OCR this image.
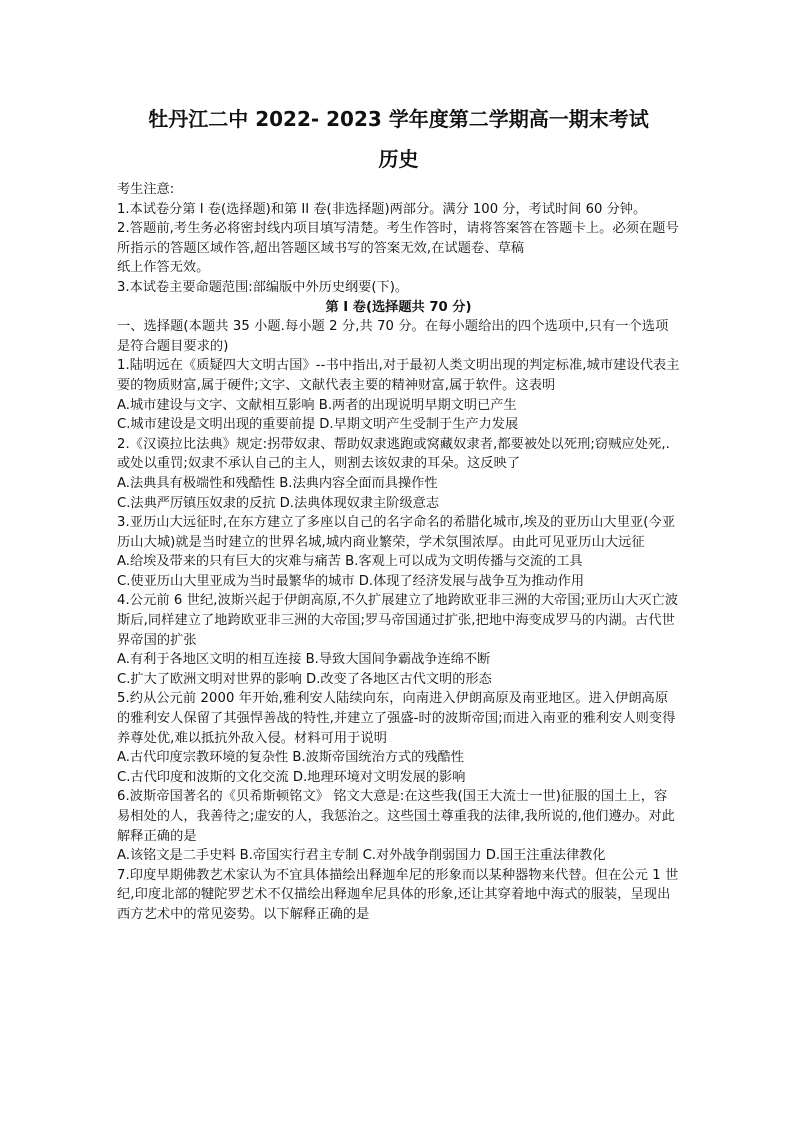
牡丹江二中 2022- 2023 学年度第二学期高一期末考试
历史

考生注意:

1.本试卷分第 I 卷(选择题)和第 II 卷(非选择题)两部分。满分 100 分，考试时间 60 分钟。

2.答题前,考生务必将密封线内项目填写清楚。考生作答时，请将答案答在答题卡上。必须在题号所指示的答题区域作答,超出答题区域书写的答案无效,在试题卷、草稿

纸上作答无效。

3.本试卷主要命题范围:部编版中外历史纲要(下)。

第 I 卷(选择题共 70 分)

一、选择题(本题共 35 小题.每小题 2 分,共 70 分。在每小题给出的四个选项中,只有一个选项是符合题目要求的)

1.陆明远在《质疑四大文明古国》--书中指出,对于最初人类文明出现的判定标准,城市建设代表主要的物质财富,属于硬件;文字、文献代表主要的精神财富,属于软件。这表明

A.城市建设与文字、文献相互影响 B.两者的出现说明早期文明已产生

C.城市建设是文明出现的重要前提 D.早期文明产生受制于生产力发展

2.《汉谟拉比法典》规定:拐带奴隶、帮助奴隶逃跑或窝藏奴隶者,都要被处以死刑;窃贼应处死,.或处以重罚;奴隶不承认自己的主人，则割去该奴隶的耳朵。这反映了

A.法典具有极端性和残酷性 B.法典内容全面而具操作性

C.法典严厉镇压奴隶的反抗 D.法典体现奴隶主阶级意志

3.亚历山大远征时,在东方建立了多座以自己的名字命名的希腊化城市,埃及的亚历山大里亚(今亚历山大城)就是当时建立的世界名城,城内商业繁荣，学术氛围浓厚。由此可见亚历山大远征

A.给埃及带来的只有巨大的灾难与痛苦 B.客观上可以成为文明传播与交流的工具

C.使亚历山大里亚成为当时最繁华的城市 D.体现了经济发展与战争互为推动作用

4.公元前 6 世纪,波斯兴起于伊朗高原,不久扩展建立了地跨欧亚非三洲的大帝国;亚历山大灭亡波斯后,同样建立了地跨欧亚非三洲的大帝国;罗马帝国通过扩张,把地中海变成罗马的内湖。古代世界帝国的扩张

A.有利于各地区文明的相互连接 B.导致大国间争霸战争连绵不断

C.扩大了欧洲文明对世界的影响 D.改变了各地区古代文明的形态

5.约从公元前 2000 年开始,雅利安人陆续向东，向南进入伊朗高原及南亚地区。进入伊朗高原的雅利安人保留了其强悍善战的特性,并建立了强盛-时的波斯帝国;而进入南亚的雅利安人则变得养尊处优,难以抵抗外敌入侵。材料可用于说明

A.古代印度宗教环境的复杂性 B.波斯帝国统治方式的残酷性

C.古代印度和波斯的文化交流 D.地理环境对文明发展的影响

6.波斯帝国著名的《贝希斯顿铭文》 铭文大意是:在这些我(国王大流士一世)征服的国土上，容易相处的人，我善待之;虚安的人，我惩治之。这些国土尊重我的法律,我所说的,他们遵办。对此解释正确的是

A.该铭文是二手史料 B.帝国实行君主专制 C.对外战争削弱国力 D.国王注重法律教化

7.印度早期佛教艺术家认为不宜具体描绘出释迦牟尼的形象而以某种器物来代替。但在公元 1 世纪,印度北部的犍陀罗艺术不仅描绘出释迦牟尼具体的形象,还让其穿着地中海式的服装，呈现出西方艺术中的常见姿势。以下解释正确的是
